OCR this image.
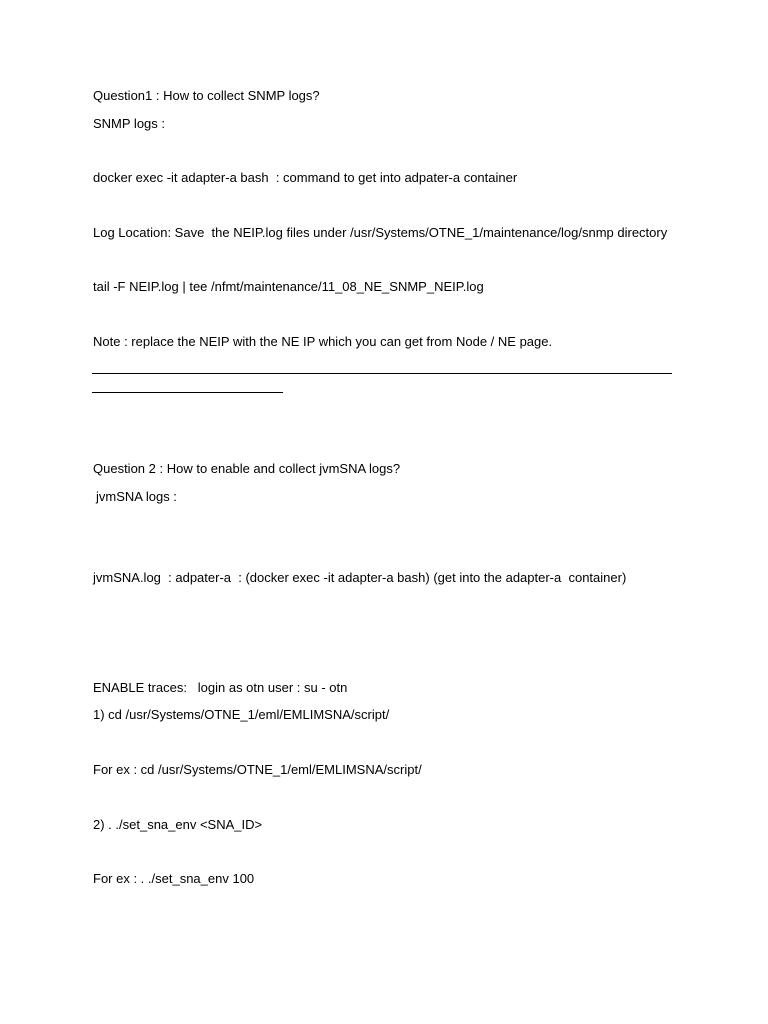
Question1 : How to collect SNMP logs?
SNMP logs :
docker exec -it adapter-a bash  : command to get into adpater-a container
Log Location: Save  the NEIP.log files under /usr/Systems/OTNE_1/maintenance/log/snmp directory
tail -F NEIP.log | tee /nfmt/maintenance/11_08_NE_SNMP_NEIP.log
Note : replace the NEIP with the NE IP which you can get from Node / NE page.
Question 2 : How to enable and collect jvmSNA logs?
jvmSNA logs :
jvmSNA.log  : adpater-a  : (docker exec -it adapter-a bash) (get into the adapter-a  container)
ENABLE traces:   login as otn user : su - otn
1) cd /usr/Systems/OTNE_1/eml/EMLIMSNA/script/
For ex : cd /usr/Systems/OTNE_1/eml/EMLIMSNA/script/
2) . ./set_sna_env <SNA_ID>
For ex : . ./set_sna_env 100
